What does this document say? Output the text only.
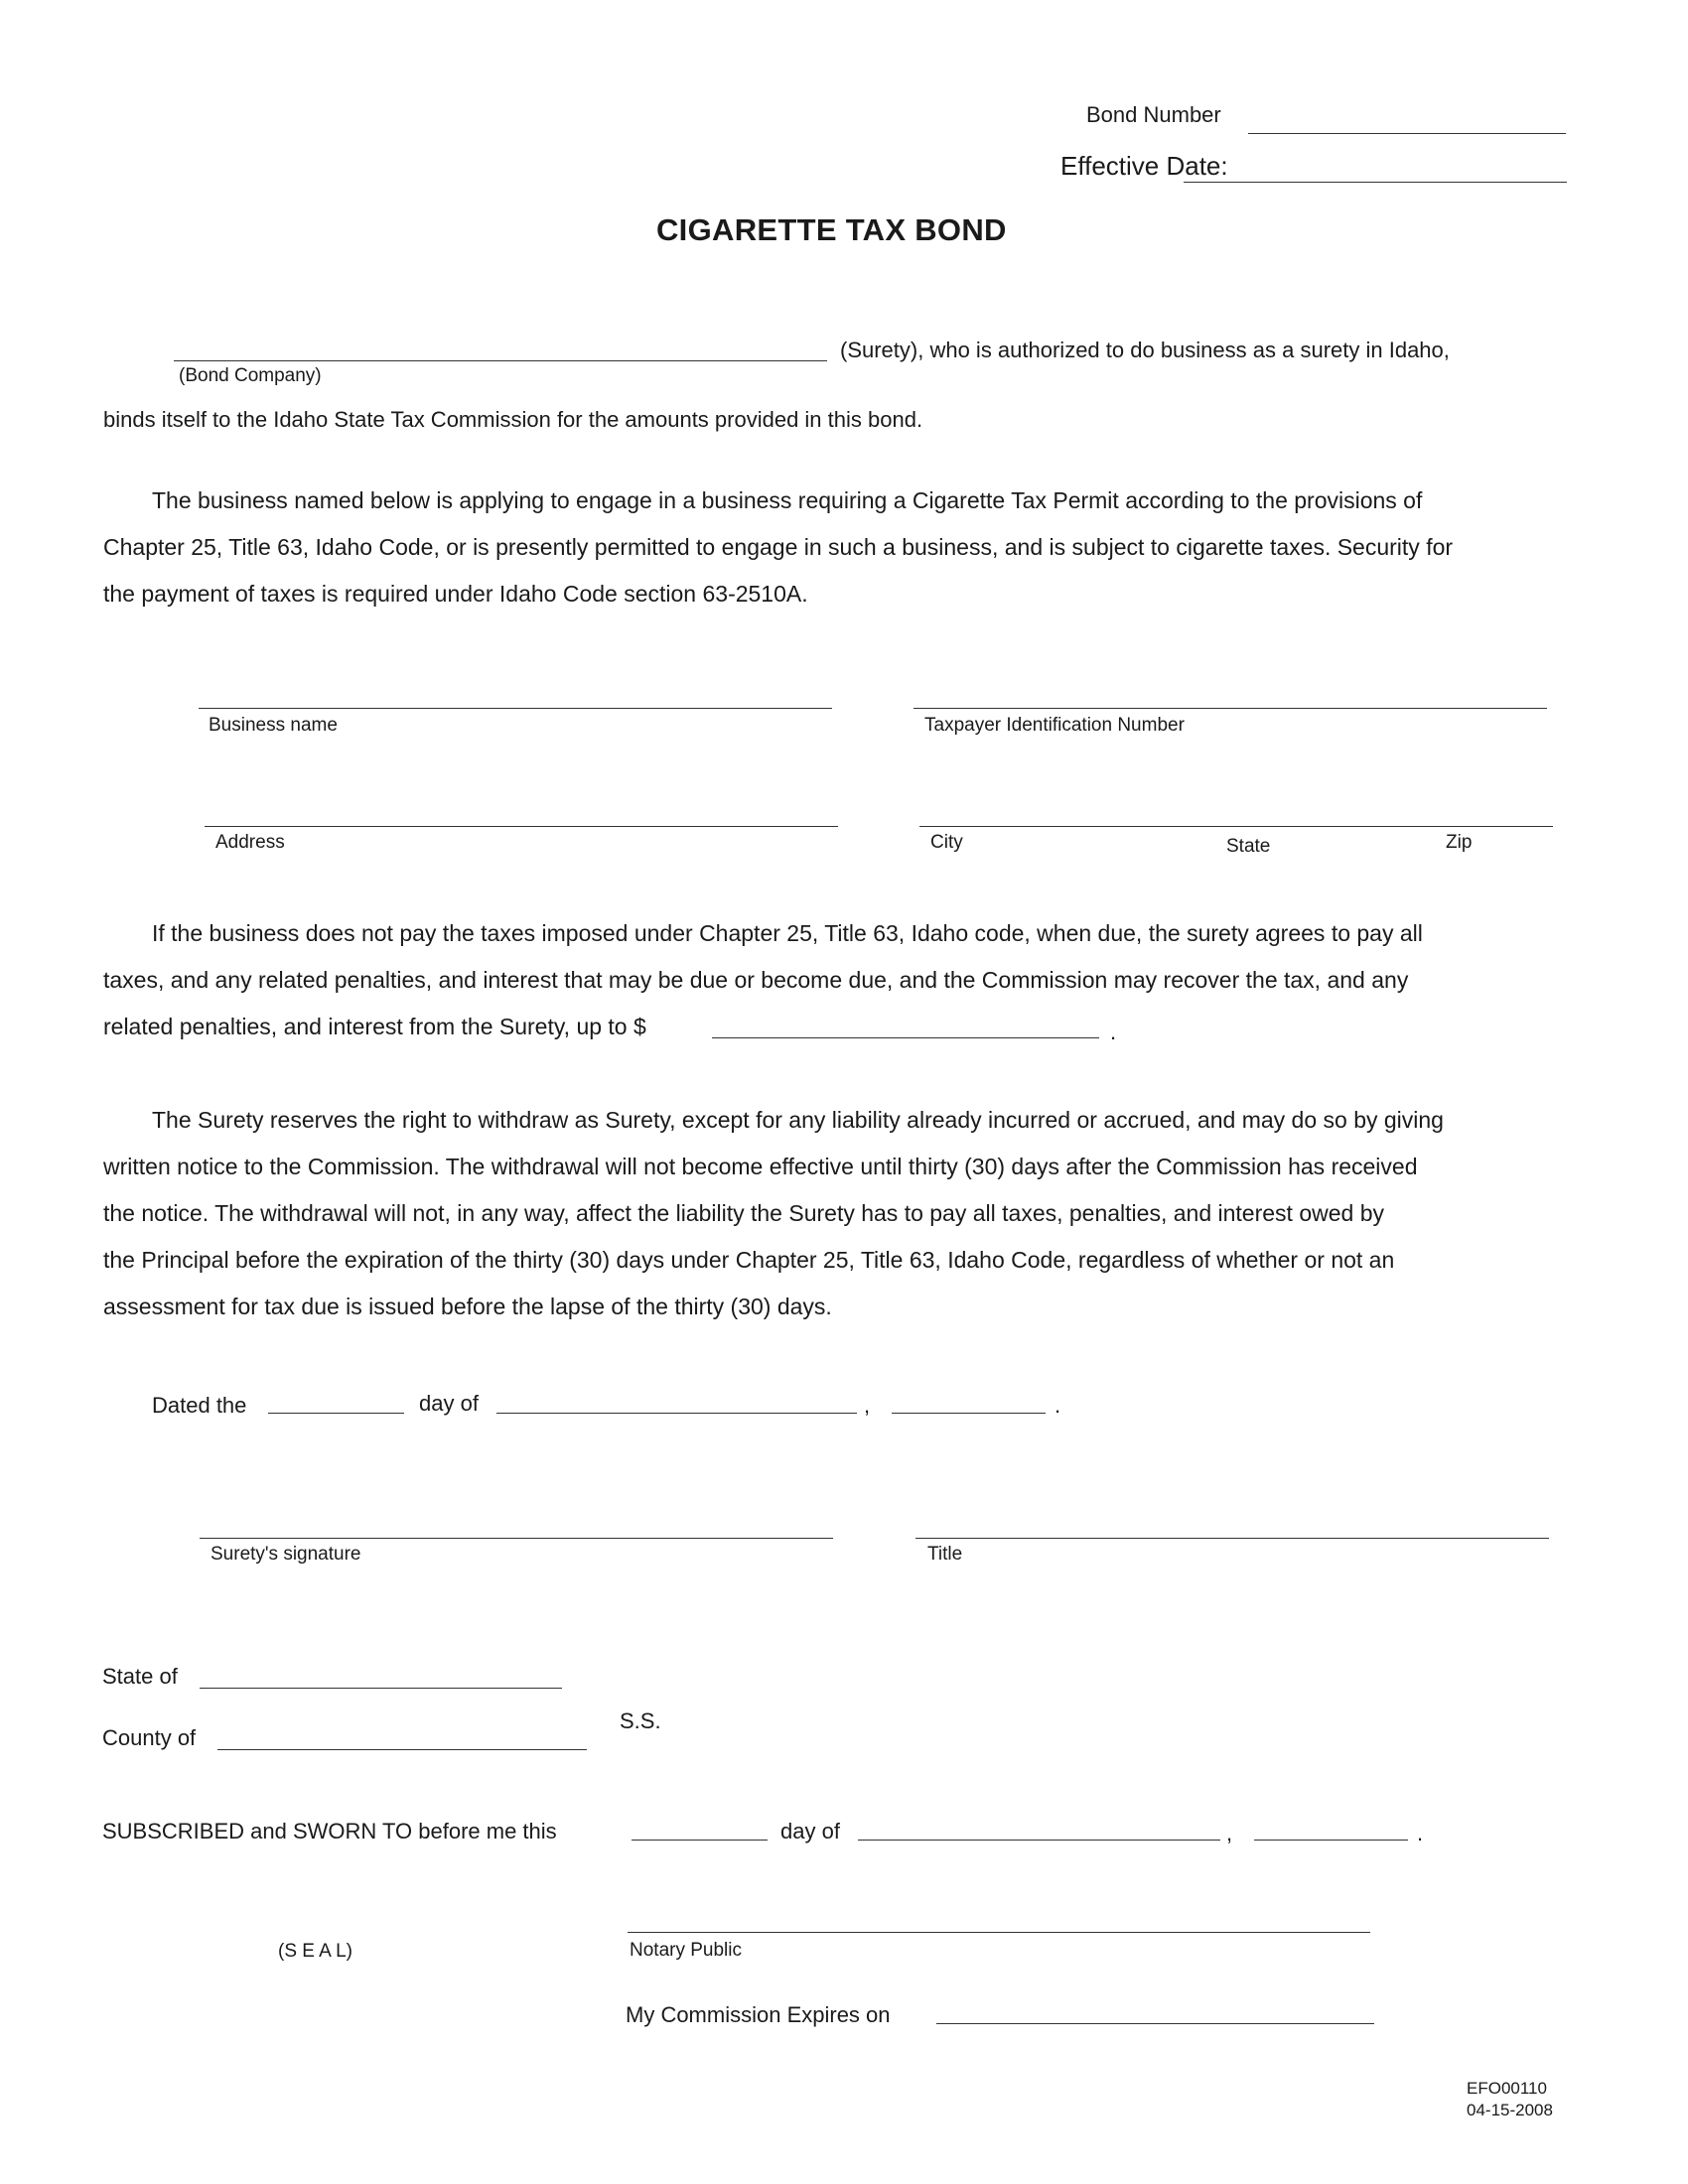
Bond Number
Effective Date:
CIGARETTE TAX BOND
(Surety), who is authorized to do business as a surety in Idaho,
(Bond Company)
binds itself to the Idaho State Tax Commission for the amounts provided in this bond.
The business named below is applying to engage in a business requiring a Cigarette Tax Permit according to the provisions of
Chapter 25, Title 63, Idaho Code, or is presently permitted to engage in such a business, and is subject to cigarette taxes. Security for
the payment of taxes is required under Idaho Code section 63-2510A.
Business name	Taxpayer Identification Number
Address	City	State	Zip
If the business does not pay the taxes imposed under Chapter 25, Title 63, Idaho code, when due, the surety agrees to pay all
taxes, and any related penalties, and interest that may be due or become due, and the Commission may recover the tax, and any
related penalties, and interest from the Surety, up to $	.
The Surety reserves the right to withdraw as Surety, except for any liability already incurred or accrued, and may do so by giving
written notice to the Commission. The withdrawal will not become effective until thirty (30) days after the Commission has received
the notice. The withdrawal will not, in any way, affect the liability the Surety has to pay all taxes, penalties, and interest owed by
the Principal before the expiration of the thirty (30) days under Chapter 25, Title 63, Idaho Code, regardless of whether or not an
assessment for tax due is issued before the lapse of the thirty (30) days.
Dated the	day of	,	.
Surety's signature	Title
State of
County of
S.S.
SUBSCRIBED and SWORN TO before me this	day of	,	.
(S E A L)	Notary Public
My Commission Expires on
EFO00110
04-15-2008
